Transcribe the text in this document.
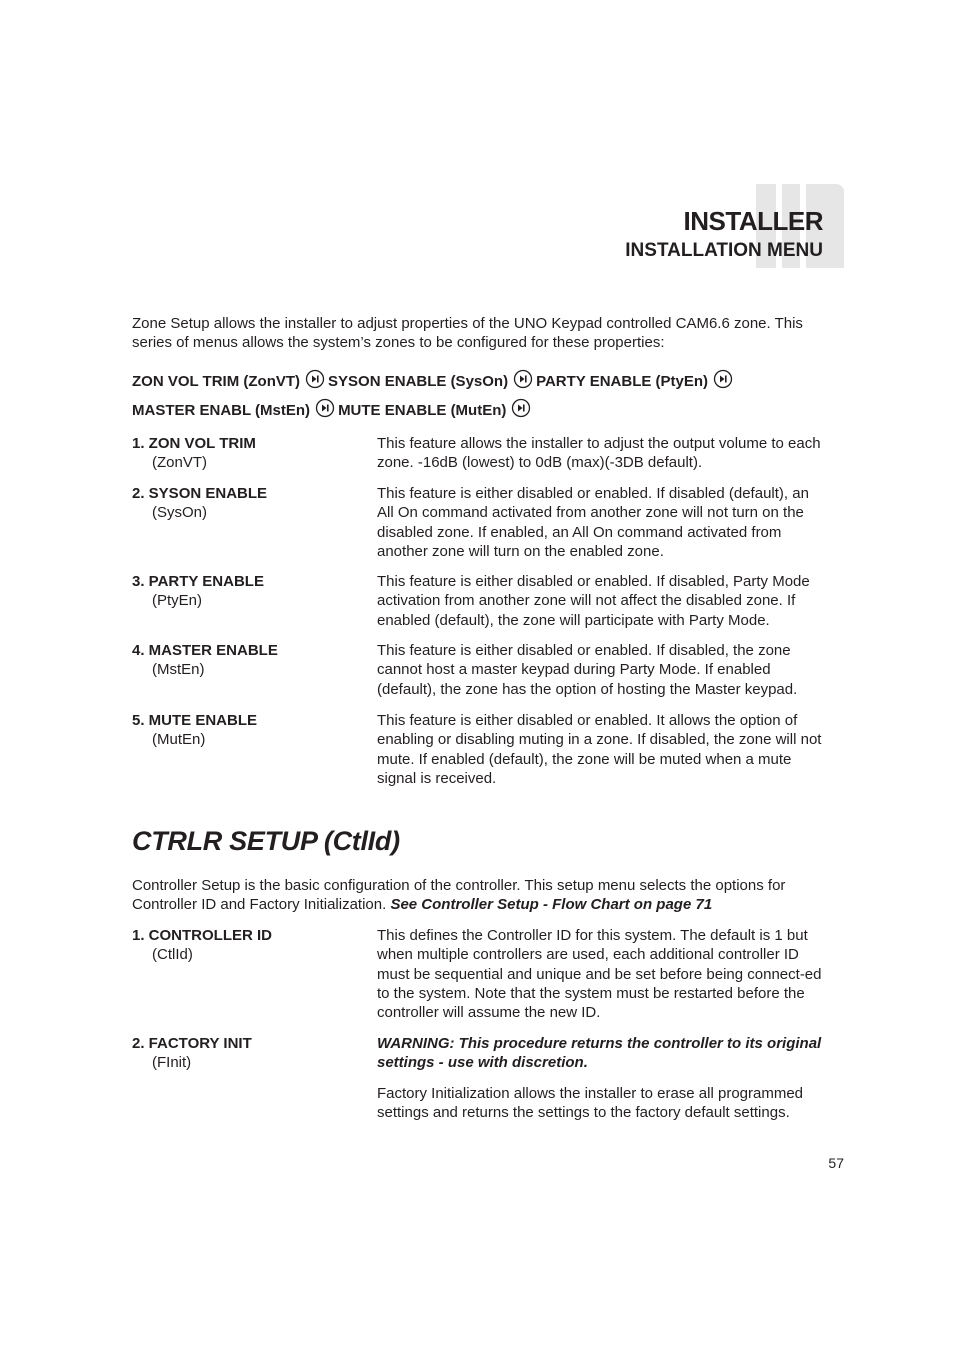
INSTALLER
INSTALLATION MENU
Zone Setup allows the installer to adjust properties of the UNO Keypad controlled CAM6.6 zone. This series of menus allows the system’s zones to be configured for these properties:
ZON VOL TRIM (ZonVT) SYSON ENABLE (SysOn) PARTY ENABLE (PtyEn)
MASTER ENABL (MstEn) MUTE ENABLE (MutEn)
1. ZON VOL TRIM
(ZonVT)
This feature allows the installer to adjust the output volume to each zone. -16dB (lowest) to 0dB (max)(-3DB default).
2. SYSON ENABLE
(SysOn)
This feature is either disabled or enabled. If disabled (default), an All On command activated from another zone will not turn on the disabled zone. If enabled, an All On command activated from another zone will turn on the enabled zone.
3. PARTY ENABLE
(PtyEn)
This feature is either disabled or enabled. If disabled, Party Mode activation from another zone will not affect the disabled zone. If enabled (default), the zone will participate with Party Mode.
4. MASTER ENABLE
(MstEn)
This feature is either disabled or enabled. If disabled, the zone cannot host a master keypad during Party Mode. If enabled (default), the zone has the option of hosting the Master keypad.
5. MUTE ENABLE
(MutEn)
This feature is either disabled or enabled. It allows the option of enabling or disabling muting in a zone. If disabled, the zone will not mute. If enabled (default), the zone will be muted when a mute signal is received.
CTRLR SETUP (CtlId)
Controller Setup is the basic configuration of the controller. This setup menu selects the options for Controller ID and Factory Initialization. See Controller Setup - Flow Chart on page 71
1. CONTROLLER ID
(CtlId)
This defines the Controller ID for this system. The default is 1 but when multiple controllers are used, each additional controller ID must be sequential and unique and be set before being connect-ed to the system. Note that the system must be restarted before the controller will assume the new ID.
2. FACTORY INIT
(FInit)
WARNING: This procedure returns the controller to its original settings - use with discretion.
Factory Initialization allows the installer to erase all programmed settings and returns the settings to the factory default settings.
57
